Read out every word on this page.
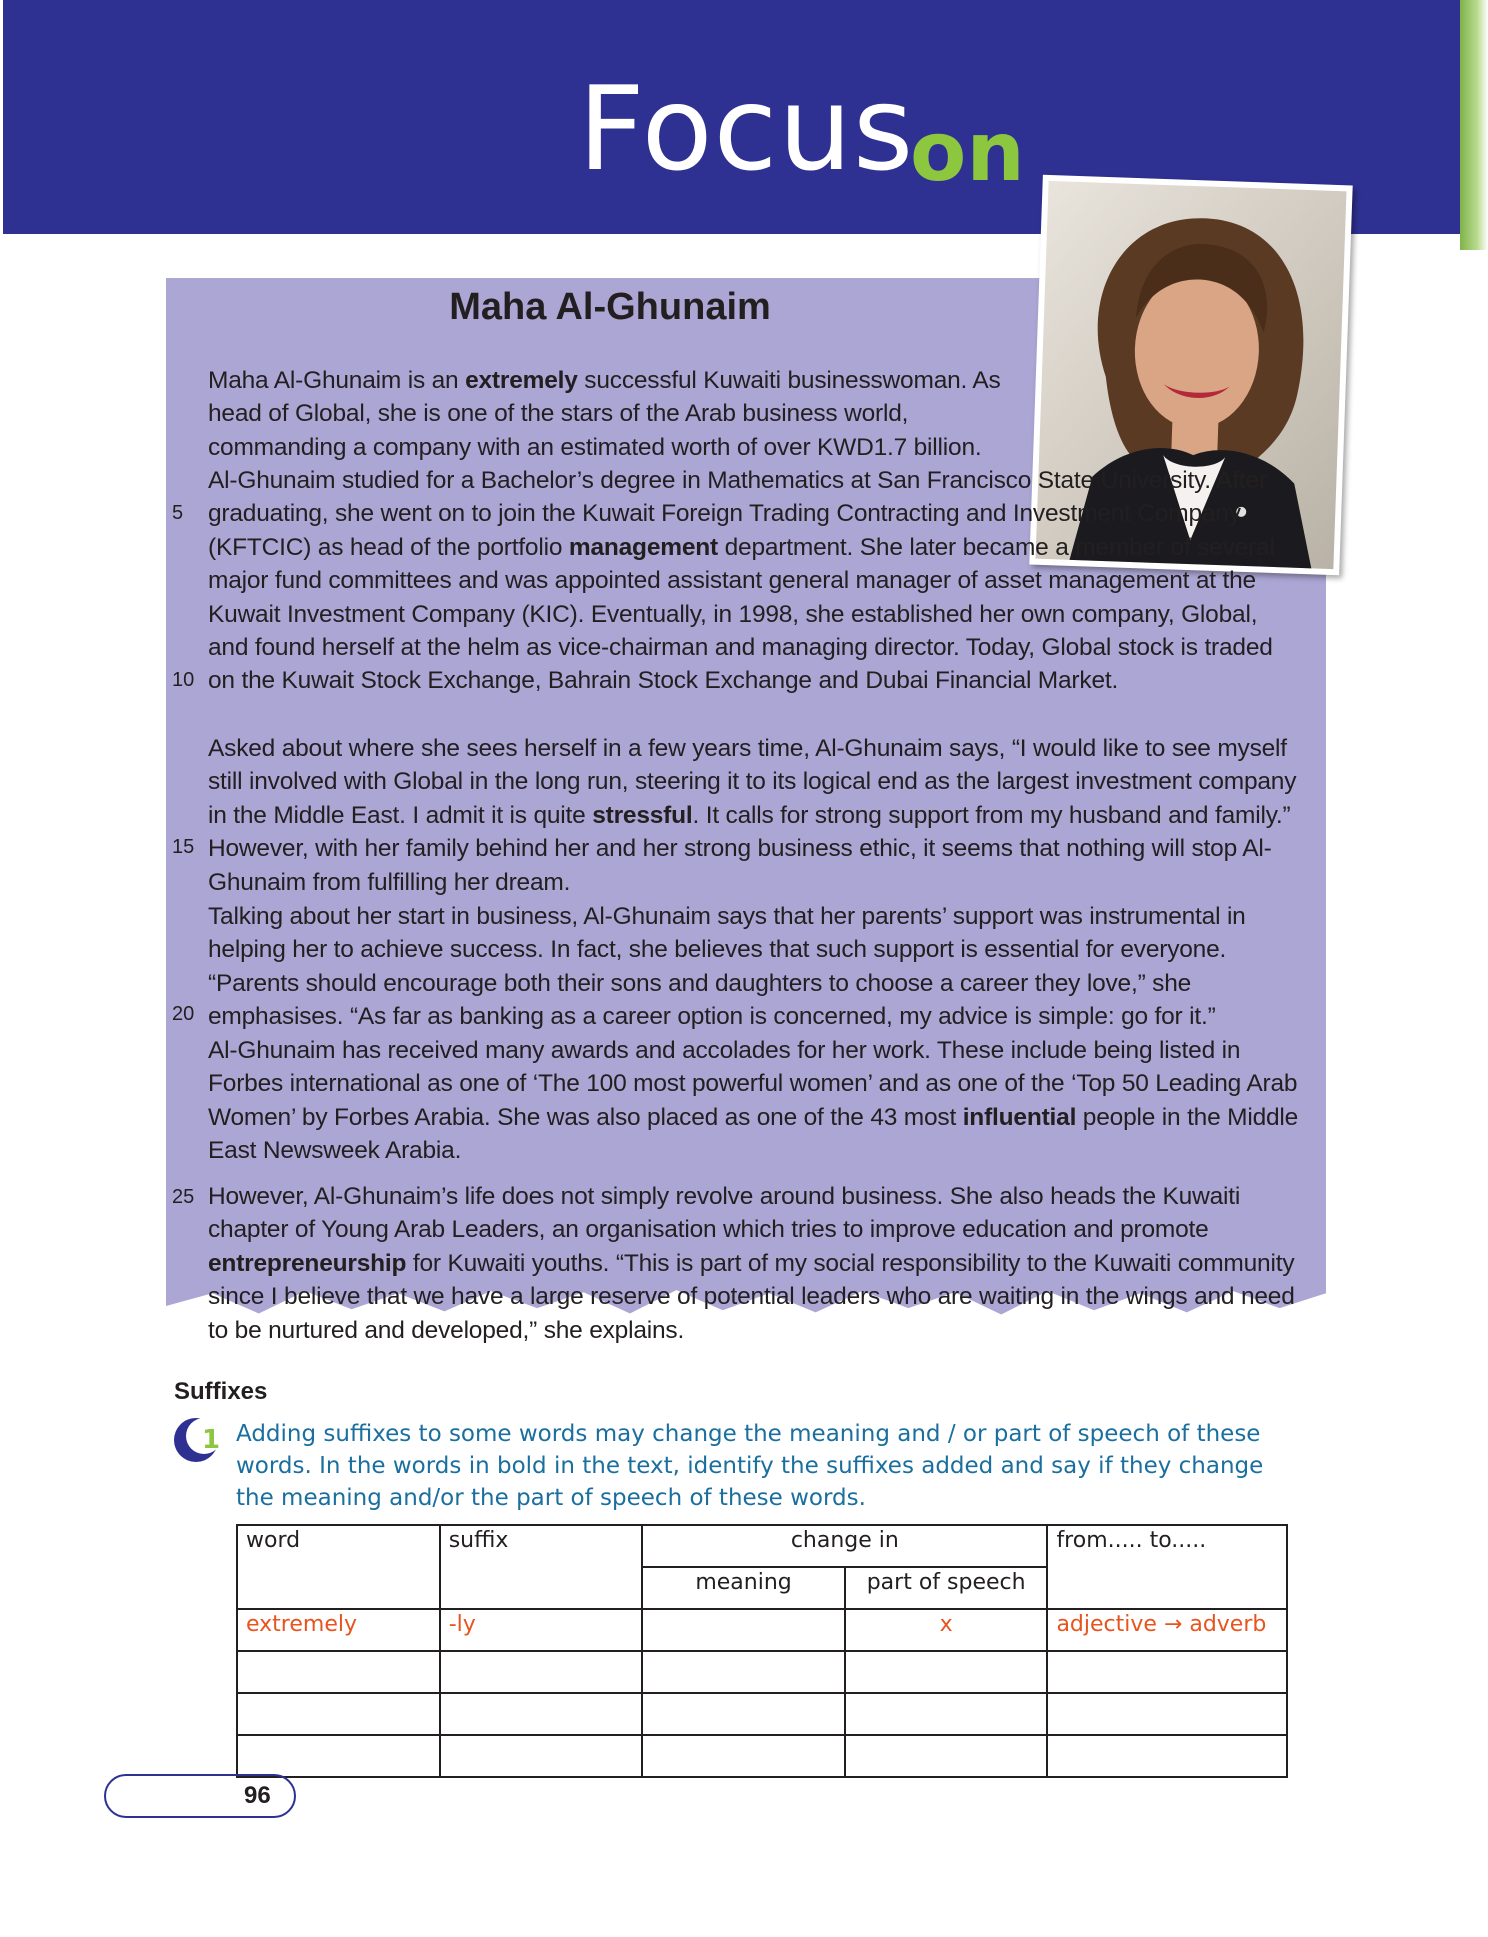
Focus
on
Maha Al-Ghunaim
5
10
15
20
25

Maha Al-Ghunaim is an extremely successful Kuwaiti businesswoman. As head of Global, she is one of the stars of the Arab business world, commanding a company with an estimated worth of over KWD1.7 billion.

Al-Ghunaim studied for a Bachelor’s degree in Mathematics at San Francisco State University. After graduating, she went on to join the Kuwait Foreign Trading Contracting and Investment Company (KFTCIC) as head of the portfolio management department. She later became a member of several major fund committees and was appointed assistant general manager of asset management at the Kuwait Investment Company (KIC). Eventually, in 1998, she established her own company, Global, and found herself at the helm as vice-chairman and managing director. Today, Global stock is traded on the Kuwait Stock Exchange, Bahrain Stock Exchange and Dubai Financial Market.

Asked about where she sees herself in a few years time, Al-Ghunaim says, “I would like to see myself still involved with Global in the long run, steering it to its logical end as the largest investment company in the Middle East. I admit it is quite stressful. It calls for strong support from my husband and family.” However, with her family behind her and her strong business ethic, it seems that nothing will stop Al-Ghunaim from fulfilling her dream.

Talking about her start in business, Al-Ghunaim says that her parents’ support was instrumental in helping her to achieve success. In fact, she believes that such support is essential for everyone. “Parents should encourage both their sons and daughters to choose a career they love,” she emphasises. “As far as banking as a career option is concerned, my advice is simple: go for it.”

Al-Ghunaim has received many awards and accolades for her work. These include being listed in Forbes international as one of ‘The 100 most powerful women’ and as one of the ‘Top 50 Leading Arab Women’ by Forbes Arabia. She was also placed as one of the 43 most influential people in the Middle East Newsweek Arabia.

However, Al-Ghunaim’s life does not simply revolve around business. She also heads the Kuwaiti chapter of Young Arab Leaders, an organisation which tries to improve education and promote entrepreneurship for Kuwaiti youths. “This is part of my social responsibility to the Kuwaiti community since I believe that we have a large reserve of potential leaders who are waiting in the wings and need to be nurtured and developed,” she explains.

Suffixes
1 Adding suffixes to some words may change the meaning and / or part of speech of these words. In the words in bold in the text, identify the suffixes added and say if they change the meaning and/or the part of speech of these words.
word	suffix	change in		from..... to.....
		meaning	part of speech	
extremely	-ly		x	adjective → adverb

96
